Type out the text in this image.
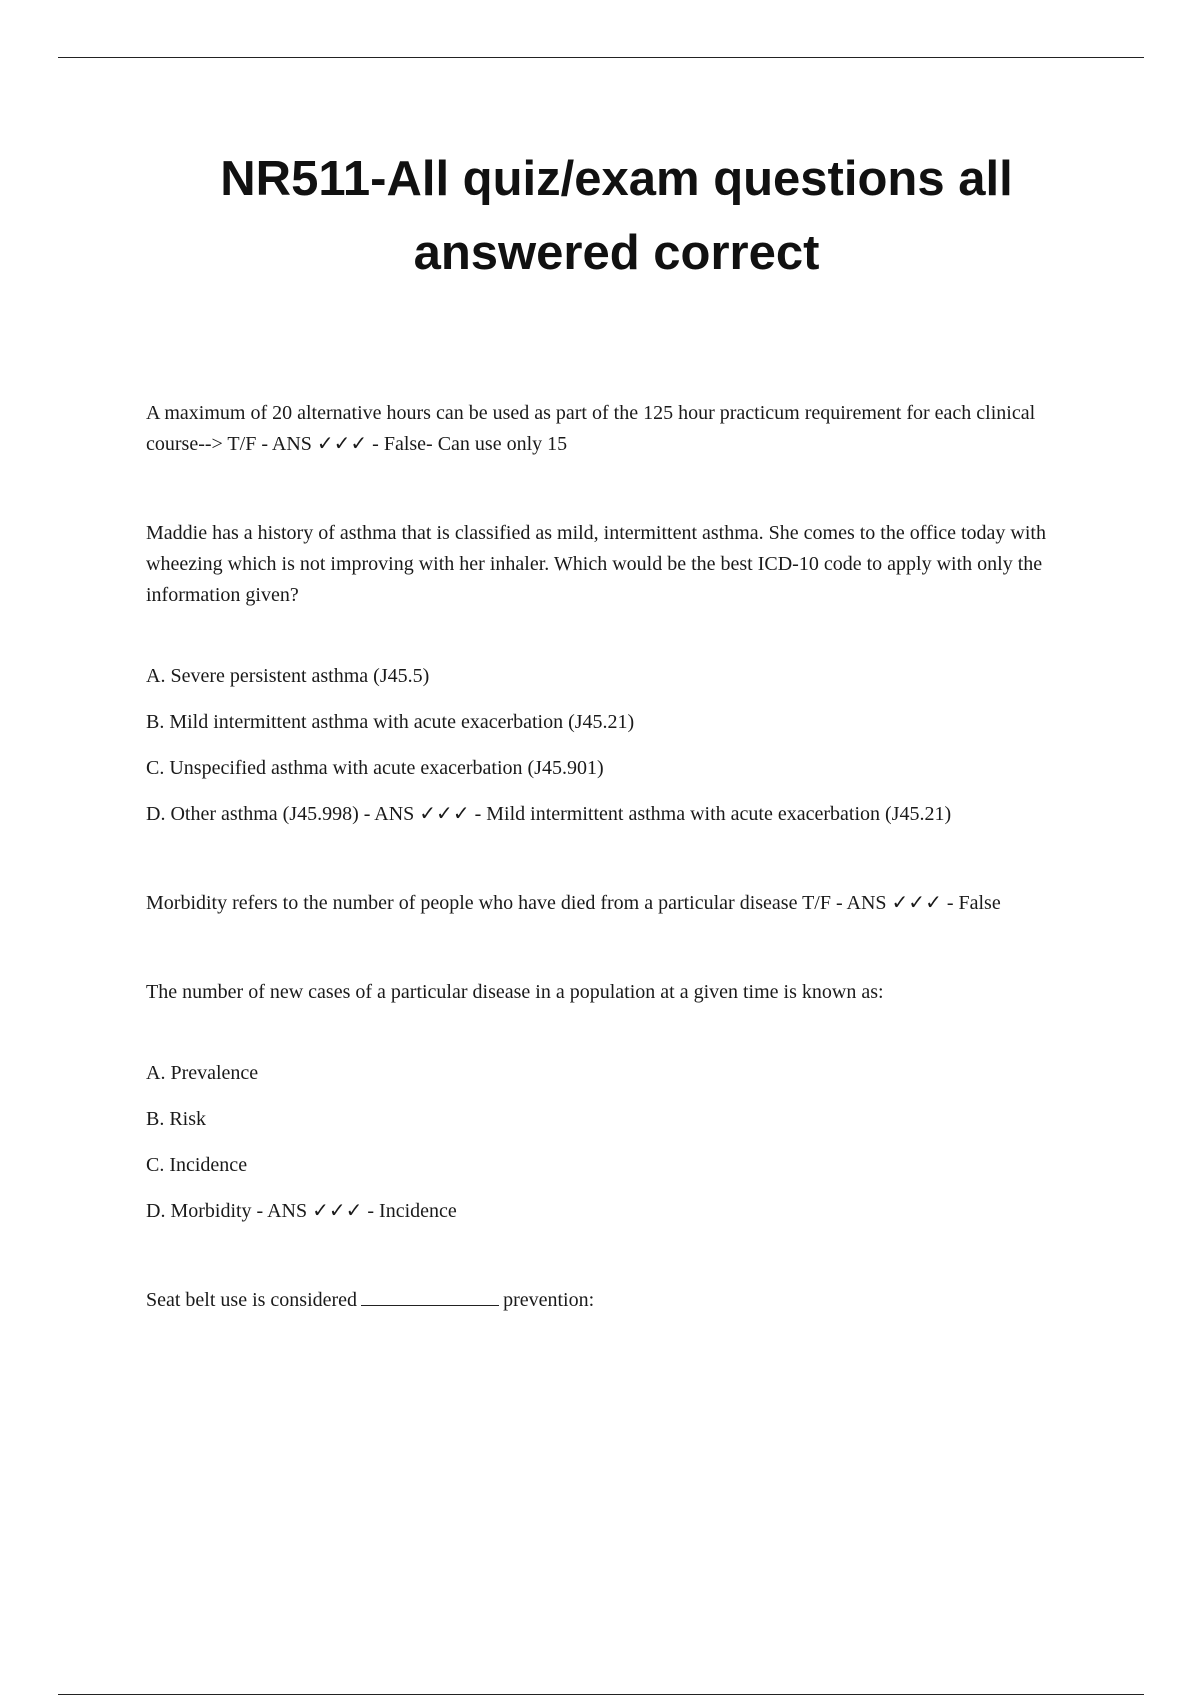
NR511-All quiz/exam questions all answered correct

A maximum of 20 alternative hours can be used as part of the 125 hour practicum requirement for each clinical course--> T/F - ANS ✓✓✓ - False- Can use only 15

Maddie has a history of asthma that is classified as mild, intermittent asthma. She comes to the office today with wheezing which is not improving with her inhaler. Which would be the best ICD-10 code to apply with only the information given?

A. Severe persistent asthma (J45.5)

B. Mild intermittent asthma with acute exacerbation (J45.21)

C. Unspecified asthma with acute exacerbation (J45.901)

D. Other asthma (J45.998) - ANS ✓✓✓ - Mild intermittent asthma with acute exacerbation (J45.21)

Morbidity refers to the number of people who have died from a particular disease T/F - ANS ✓✓✓ - False

The number of new cases of a particular disease in a population at a given time is known as:

A. Prevalence

B. Risk

C. Incidence

D. Morbidity - ANS ✓✓✓ - Incidence

Seat belt use is considered	prevention:
